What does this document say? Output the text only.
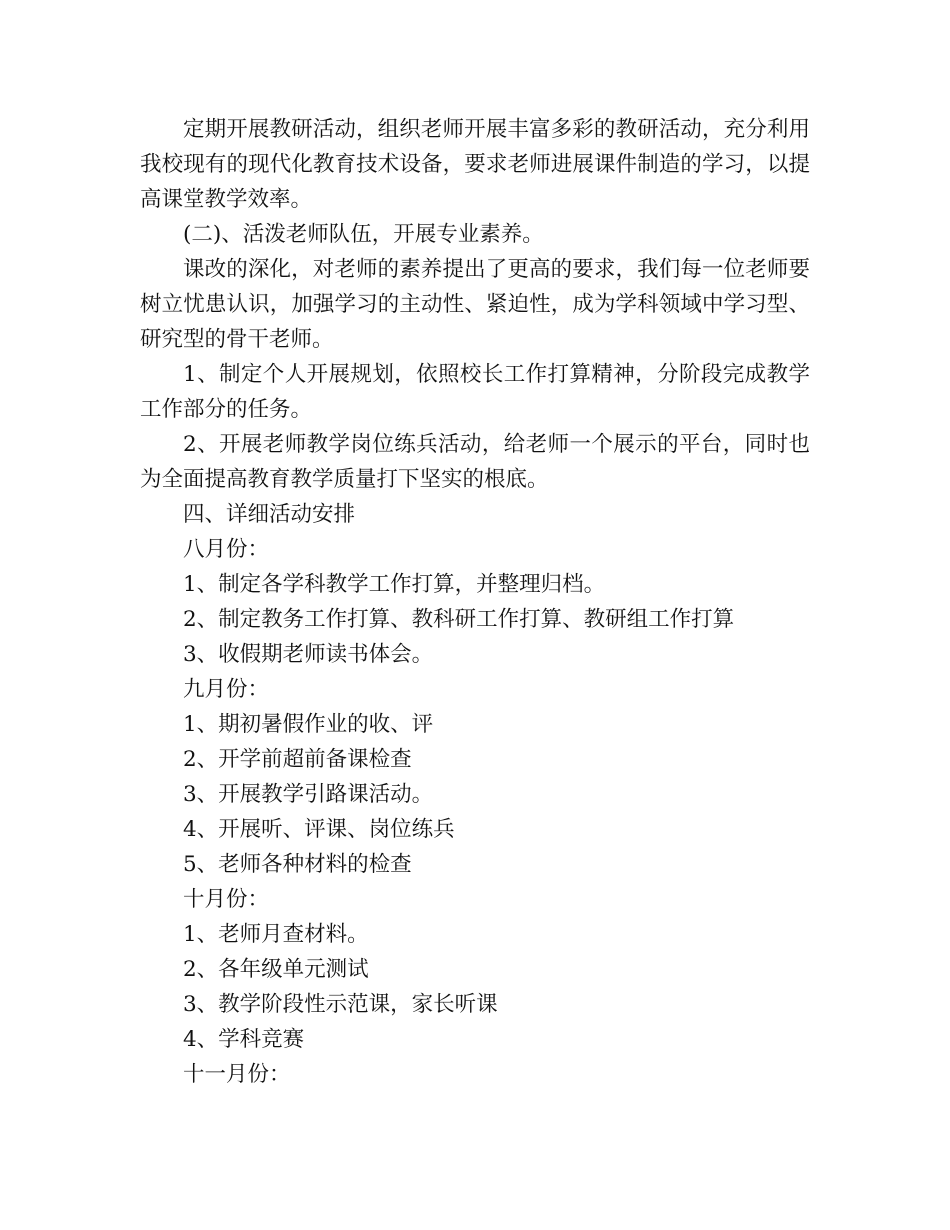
定期开展教研活动，组织老师开展丰富多彩的教研活动，充分利用我校现有的现代化教育技术设备，要求老师进展课件制造的学习，以提高课堂教学效率。

(二)、活泼老师队伍，开展专业素养。

课改的深化，对老师的素养提出了更高的要求，我们每一位老师要树立忧患认识，加强学习的主动性、紧迫性，成为学科领域中学习型、研究型的骨干老师。

1、制定个人开展规划，依照校长工作打算精神，分阶段完成教学工作部分的任务。

2、开展老师教学岗位练兵活动，给老师一个展示的平台，同时也为全面提高教育教学质量打下坚实的根底。

四、详细活动安排

八月份：

1、制定各学科教学工作打算，并整理归档。

2、制定教务工作打算、教科研工作打算、教研组工作打算

3、收假期老师读书体会。

九月份：

1、期初暑假作业的收、评

2、开学前超前备课检查

3、开展教学引路课活动。

4、开展听、评课、岗位练兵

5、老师各种材料的检查

十月份：

1、老师月查材料。

2、各年级单元测试

3、教学阶段性示范课，家长听课

4、学科竞赛

十一月份：
